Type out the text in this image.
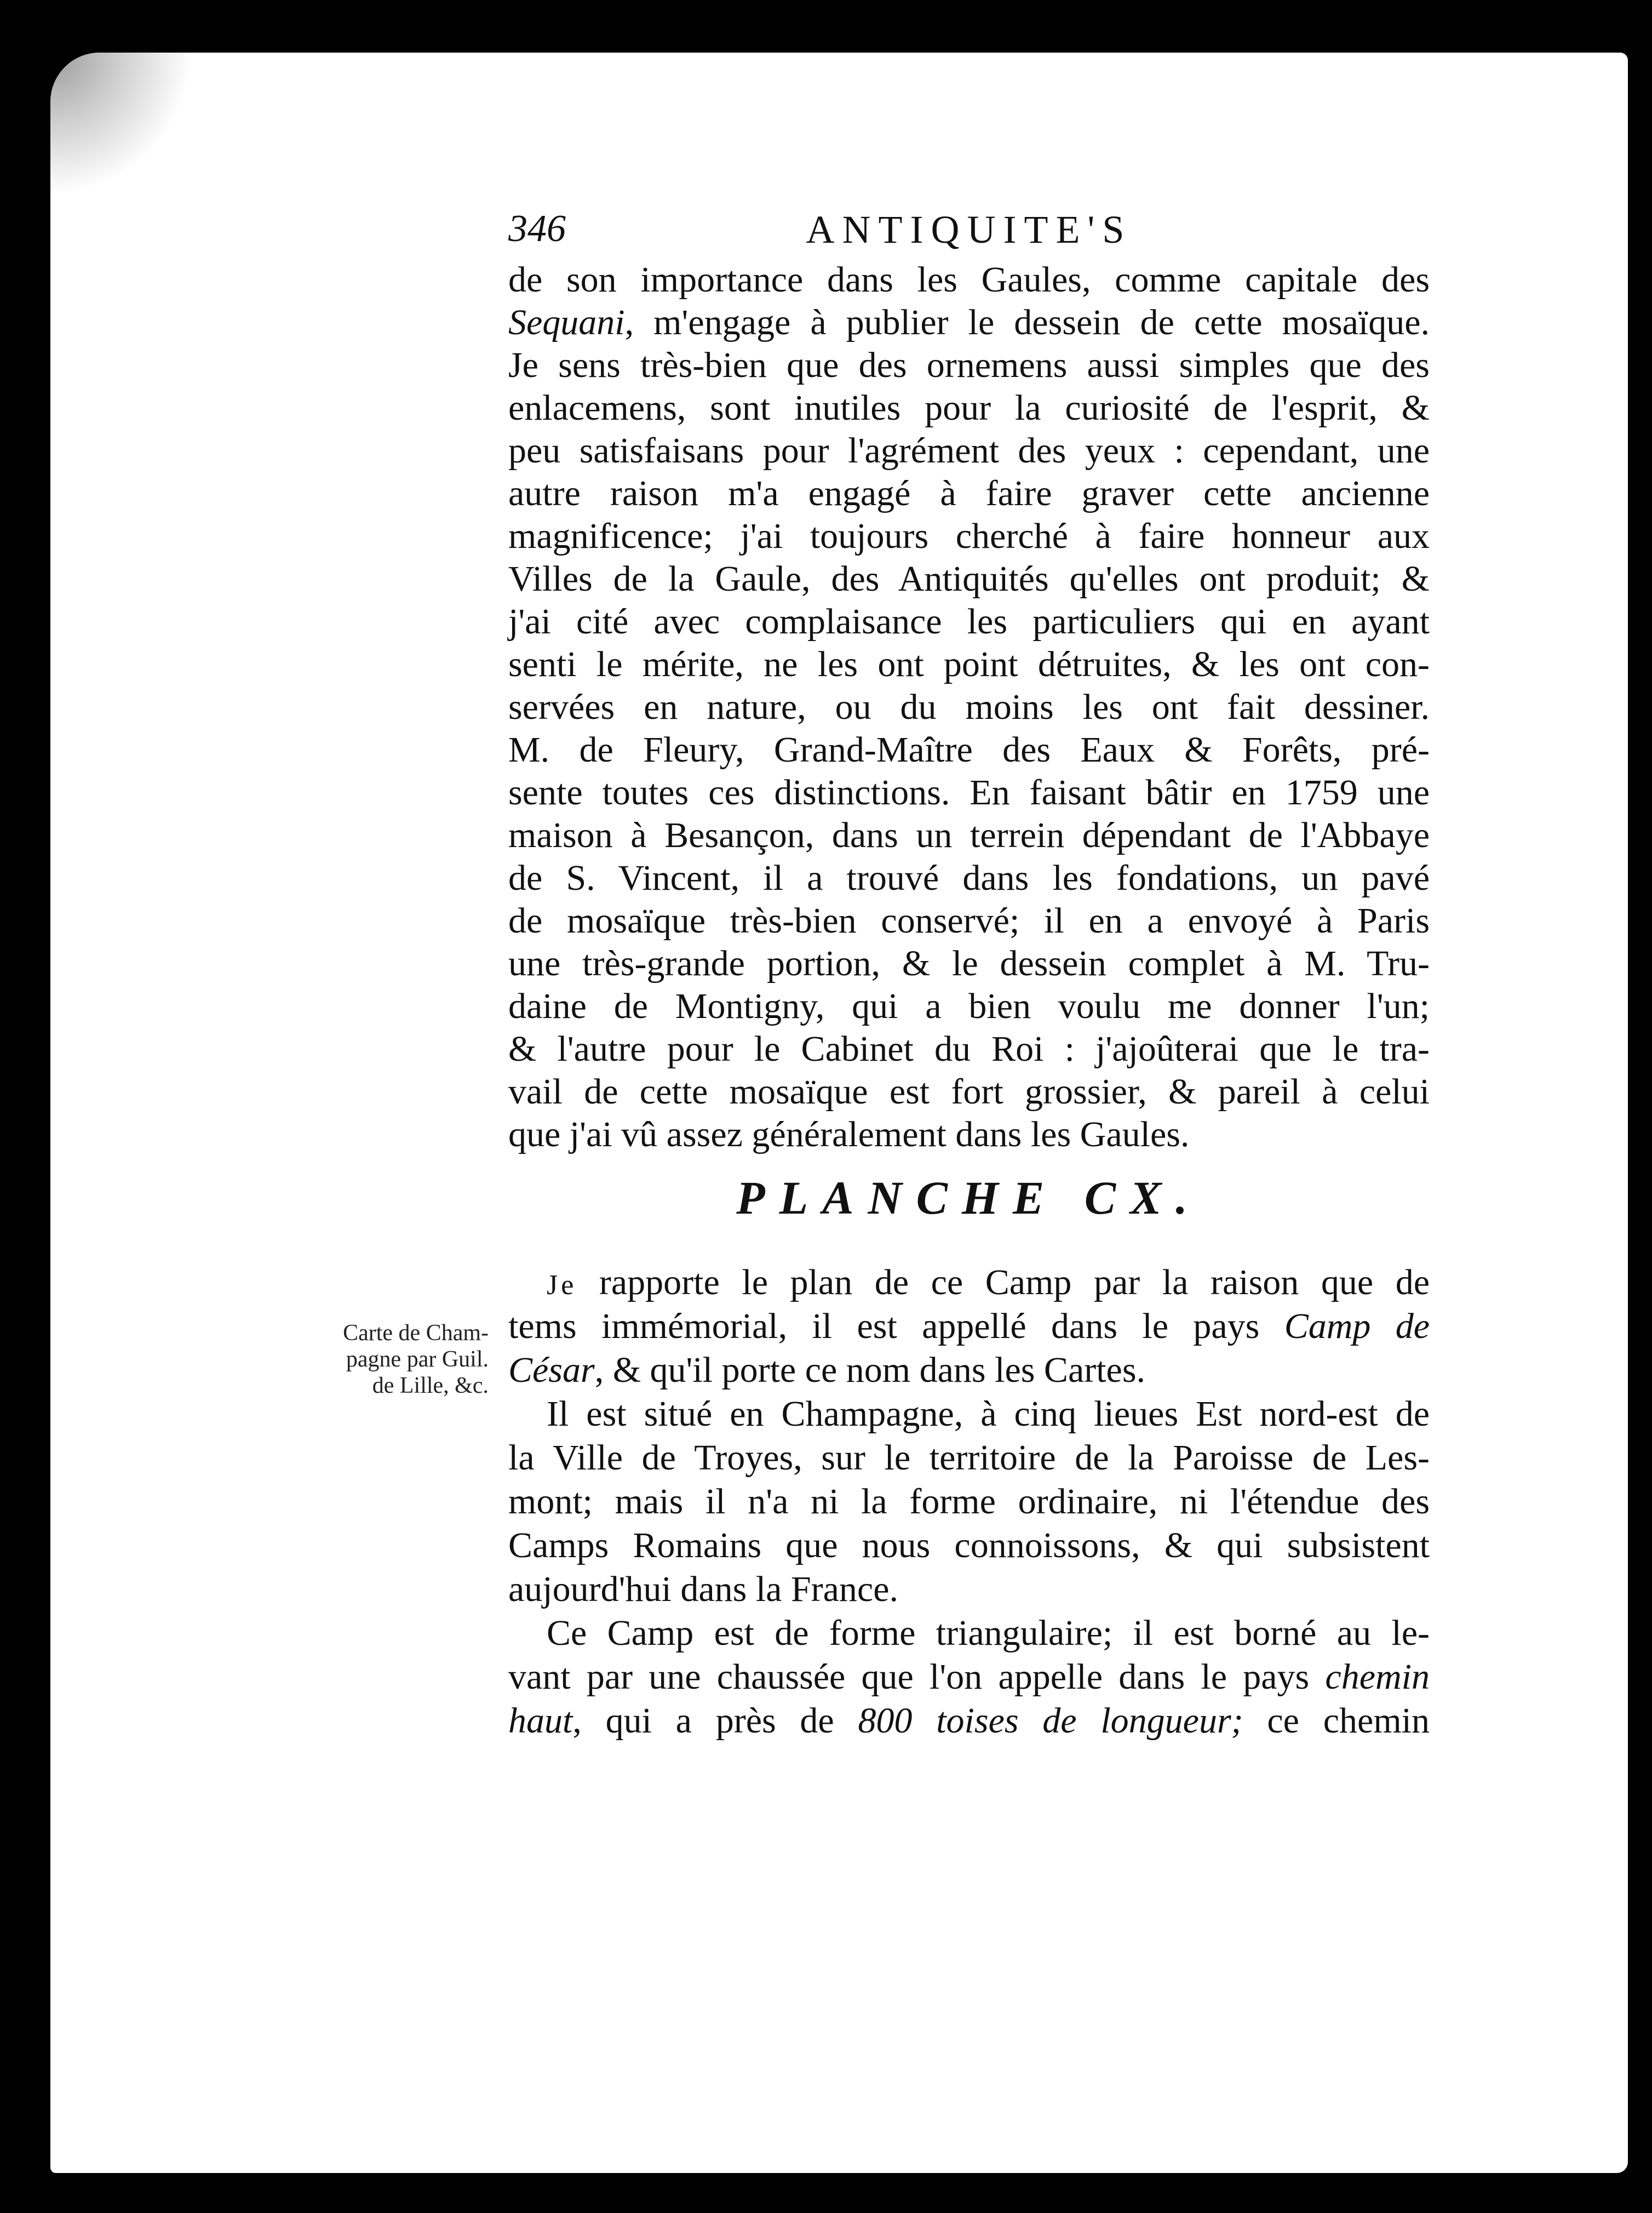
346	ANTIQUITE'S
de son importance dans les Gaules, comme capitale des
Sequani, m'engage à publier le dessein de cette mosaïque.
Je sens très-bien que des ornemens aussi simples que des
enlacemens, sont inutiles pour la curiosité de l'esprit, &
peu satisfaisans pour l'agrément des yeux : cependant, une
autre raison m'a engagé à faire graver cette ancienne
magnificence; j'ai toujours cherché à faire honneur aux
Villes de la Gaule, des Antiquités qu'elles ont produit; &
j'ai cité avec complaisance les particuliers qui en ayant
senti le mérite, ne les ont point détruites, & les ont con-
servées en nature, ou du moins les ont fait dessiner.
M. de Fleury, Grand-Maître des Eaux & Forêts, pré-
sente toutes ces distinctions. En faisant bâtir en 1759 une
maison à Besançon, dans un terrein dépendant de l'Abbaye
de S. Vincent, il a trouvé dans les fondations, un pavé
de mosaïque très-bien conservé; il en a envoyé à Paris
une très-grande portion, & le dessein complet à M. Tru-
daine de Montigny, qui a bien voulu me donner l'un;
& l'autre pour le Cabinet du Roi : j'ajoûterai que le tra-
vail de cette mosaïque est fort grossier, & pareil à celui
que j'ai vû assez généralement dans les Gaules.
PLANCHE CX.
Carte de Cham-
pagne par Guil.
de Lille, &c.
Je rapporte le plan de ce Camp par la raison que de
tems immémorial, il est appellé dans le pays Camp de
César, & qu'il porte ce nom dans les Cartes.
Il est situé en Champagne, à cinq lieues Est nord-est de
la Ville de Troyes, sur le territoire de la Paroisse de Les-
mont; mais il n'a ni la forme ordinaire, ni l'étendue des
Camps Romains que nous connoissons, & qui subsistent
aujourd'hui dans la France.
Ce Camp est de forme triangulaire; il est borné au le-
vant par une chaussée que l'on appelle dans le pays chemin
haut, qui a près de 800 toises de longueur; ce chemin
